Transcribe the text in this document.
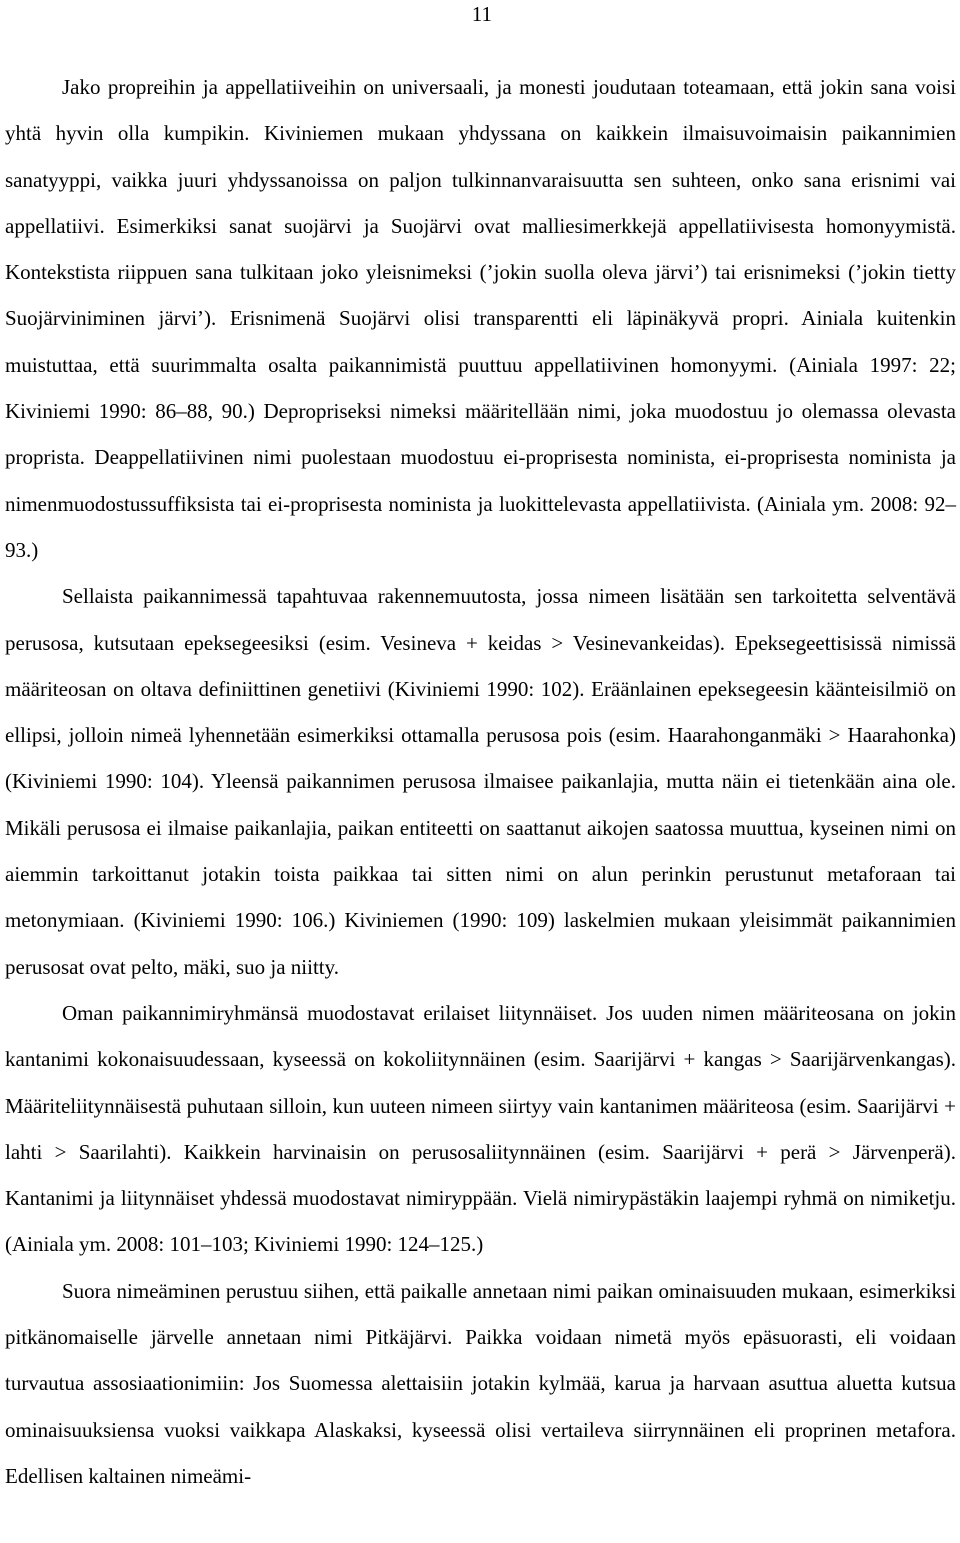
11

Jako propreihin ja appellatiiveihin on universaali, ja monesti joudutaan toteamaan, että jokin sana voisi yhtä hyvin olla kumpikin. Kiviniemen mukaan yhdyssana on kaikkein ilmaisuvoimaisin paikannimien sanatyyppi, vaikka juuri yhdyssanoissa on paljon tulkinnanvaraisuutta sen suhteen, onko sana erisnimi vai appellatiivi. Esimerkiksi sanat suojärvi ja Suojärvi ovat malliesimerkkejä appellatiivisesta homonyymistä. Kontekstista riippuen sana tulkitaan joko yleisnimeksi (’jokin suolla oleva järvi’) tai erisnimeksi (’jokin tietty Suojärviniminen järvi’). Erisnimenä Suojärvi olisi transparentti eli läpinäkyvä propri. Ainiala kuitenkin muistuttaa, että suurimmalta osalta paikannimistä puuttuu appellatiivinen homonyymi. (Ainiala 1997: 22; Kiviniemi 1990: 86–88, 90.) Depropriseksi nimeksi määritellään nimi, joka muodostuu jo olemassa olevasta proprista. Deappellatiivinen nimi puolestaan muodostuu ei-proprisesta nominista, ei-proprisesta nominista ja nimenmuodostussuffiksista tai ei-proprisesta nominista ja luokittelevasta appellatiivista. (Ainiala ym. 2008: 92–93.)

Sellaista paikannimessä tapahtuvaa rakennemuutosta, jossa nimeen lisätään sen tarkoitetta selventävä perusosa, kutsutaan epeksegeesiksi (esim. Vesineva + keidas > Vesinevankeidas). Epeksegeettisissä nimissä määriteosan on oltava definiittinen genetiivi (Kiviniemi 1990: 102). Eräänlainen epeksegeesin käänteisilmiö on ellipsi, jolloin nimeä lyhennetään esimerkiksi ottamalla perusosa pois (esim. Haarahonganmäki > Haarahonka) (Kiviniemi 1990: 104). Yleensä paikannimen perusosa ilmaisee paikanlajia, mutta näin ei tietenkään aina ole. Mikäli perusosa ei ilmaise paikanlajia, paikan entiteetti on saattanut aikojen saatossa muuttua, kyseinen nimi on aiemmin tarkoittanut jotakin toista paikkaa tai sitten nimi on alun perinkin perustunut metaforaan tai metonymiaan. (Kiviniemi 1990: 106.) Kiviniemen (1990: 109) laskelmien mukaan yleisimmät paikannimien perusosat ovat pelto, mäki, suo ja niitty.

Oman paikannimiryhmänsä muodostavat erilaiset liitynnäiset. Jos uuden nimen määriteosana on jokin kantanimi kokonaisuudessaan, kyseessä on kokoliitynnäinen (esim. Saarijärvi + kangas > Saarijärvenkangas). Määriteliitynnäisestä puhutaan silloin, kun uuteen nimeen siirtyy vain kantanimen määriteosa (esim. Saarijärvi + lahti > Saarilahti). Kaikkein harvinaisin on perusosaliitynnäinen (esim. Saarijärvi + perä > Järvenperä). Kantanimi ja liitynnäiset yhdessä muodostavat nimiryppään. Vielä nimirypästäkin laajempi ryhmä on nimiketju. (Ainiala ym. 2008: 101–103; Kiviniemi 1990: 124–125.)

Suora nimeäminen perustuu siihen, että paikalle annetaan nimi paikan ominaisuuden mukaan, esimerkiksi pitkänomaiselle järvelle annetaan nimi Pitkäjärvi. Paikka voidaan nimetä myös epäsuorasti, eli voidaan turvautua assosiaationimiin: Jos Suomessa alettaisiin jotakin kylmää, karua ja harvaan asuttua aluetta kutsua ominaisuuksiensa vuoksi vaikkapa Alaskaksi, kyseessä olisi vertaileva siirrynnäinen eli proprinen metafora. Edellisen kaltainen nimeämi-
